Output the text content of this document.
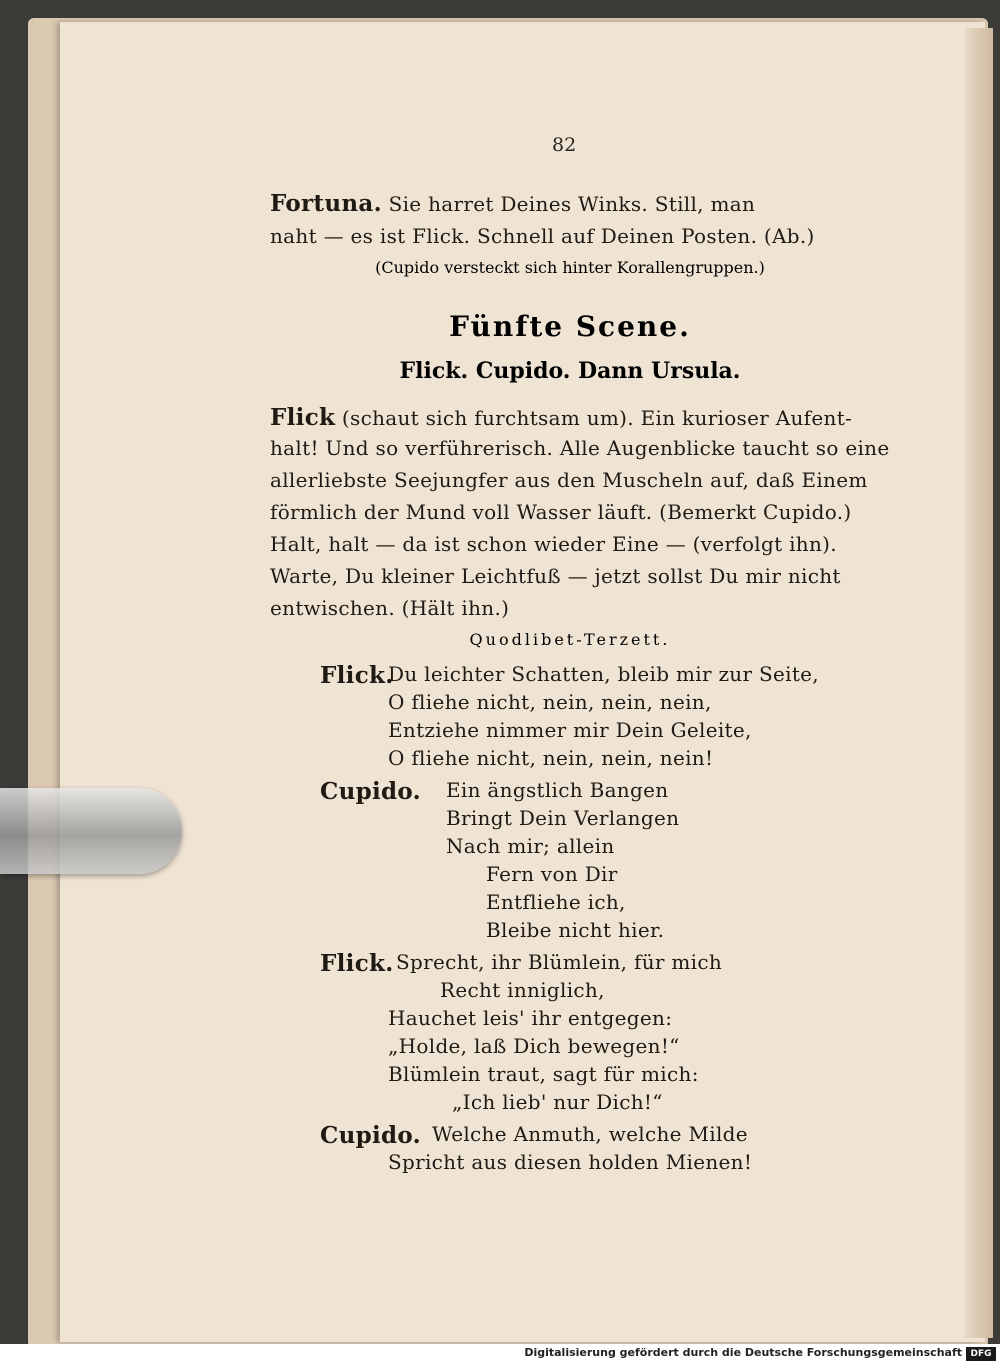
82
Fortuna. Sie harret Deines Winks. Still, man
naht — es ist Flick. Schnell auf Deinen Posten. (Ab.)
(Cupido versteckt sich hinter Korallengruppen.)
Fünfte Scene.
Flick. Cupido. Dann Ursula.
Flick (schaut sich furchtsam um). Ein kurioser Aufent-
halt! Und so verführerisch. Alle Augenblicke taucht so eine
allerliebste Seejungfer aus den Muscheln auf, daß Einem
förmlich der Mund voll Wasser läuft. (Bemerkt Cupido.)
Halt, halt — da ist schon wieder Eine — (verfolgt ihn).
Warte, Du kleiner Leichtfuß — jetzt sollst Du mir nicht
entwischen. (Hält ihn.)
Quodlibet-Terzett.
Flick.
Du leichter Schatten, bleib mir zur Seite,
O fliehe nicht, nein, nein, nein,
Entziehe nimmer mir Dein Geleite,
O fliehe nicht, nein, nein, nein!
Cupido. Ein ängstlich Bangen
Bringt Dein Verlangen
Nach mir; allein
Fern von Dir
Entfliehe ich,
Bleibe nicht hier.
Flick. Sprecht, ihr Blümlein, für mich
Recht inniglich,
Hauchet leis' ihr entgegen:
„Holde, laß Dich bewegen!“
Blümlein traut, sagt für mich:
„Ich lieb' nur Dich!“
Cupido. Welche Anmuth, welche Milde
Spricht aus diesen holden Mienen!
Digitalisierung gefördert durch die Deutsche Forschungsgemeinschaft DFG
